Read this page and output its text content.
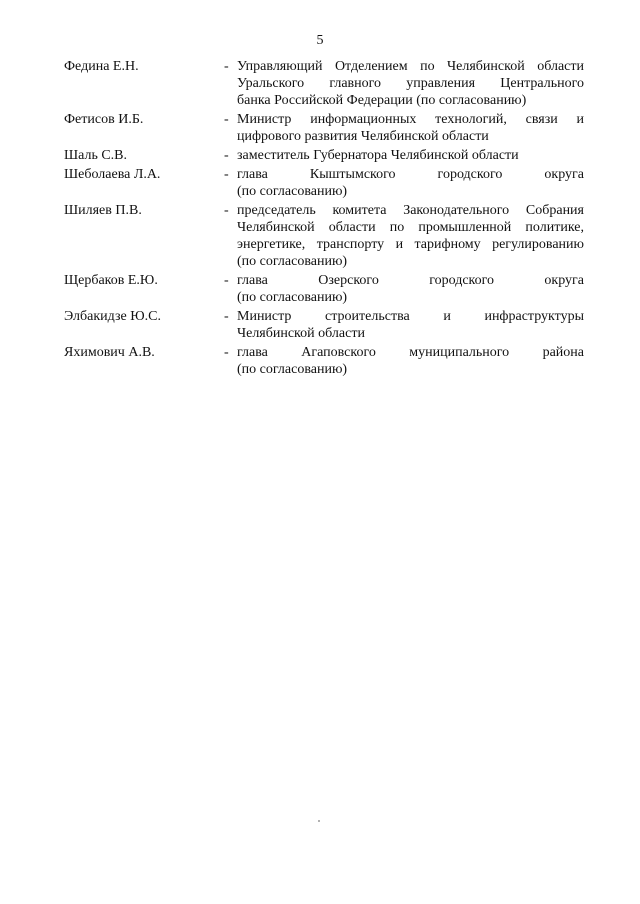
5
Федина Е.Н.	- Управляющий Отделением по Челябинской области
Уральского главного управления Центрального
банка Российской Федерации (по согласованию)
Фетисов И.Б.	- Министр информационных технологий, связи и
цифрового развития Челябинской области
Шаль С.В.	- заместитель Губернатора Челябинской области
Шеболаева Л.А.	- глава Кыштымского городского округа
(по согласованию)
Шиляев П.В.	- председатель комитета Законодательного Собрания
Челябинской области по промышленной политике,
энергетике, транспорту и тарифному регулированию
(по согласованию)
Щербаков Е.Ю.	- глава Озерского городского округа
(по согласованию)
Элбакидзе Ю.С.	- Министр строительства и инфраструктуры
Челябинской области
Яхимович А.В.	- глава Агаповского муниципального района
(по согласованию)
